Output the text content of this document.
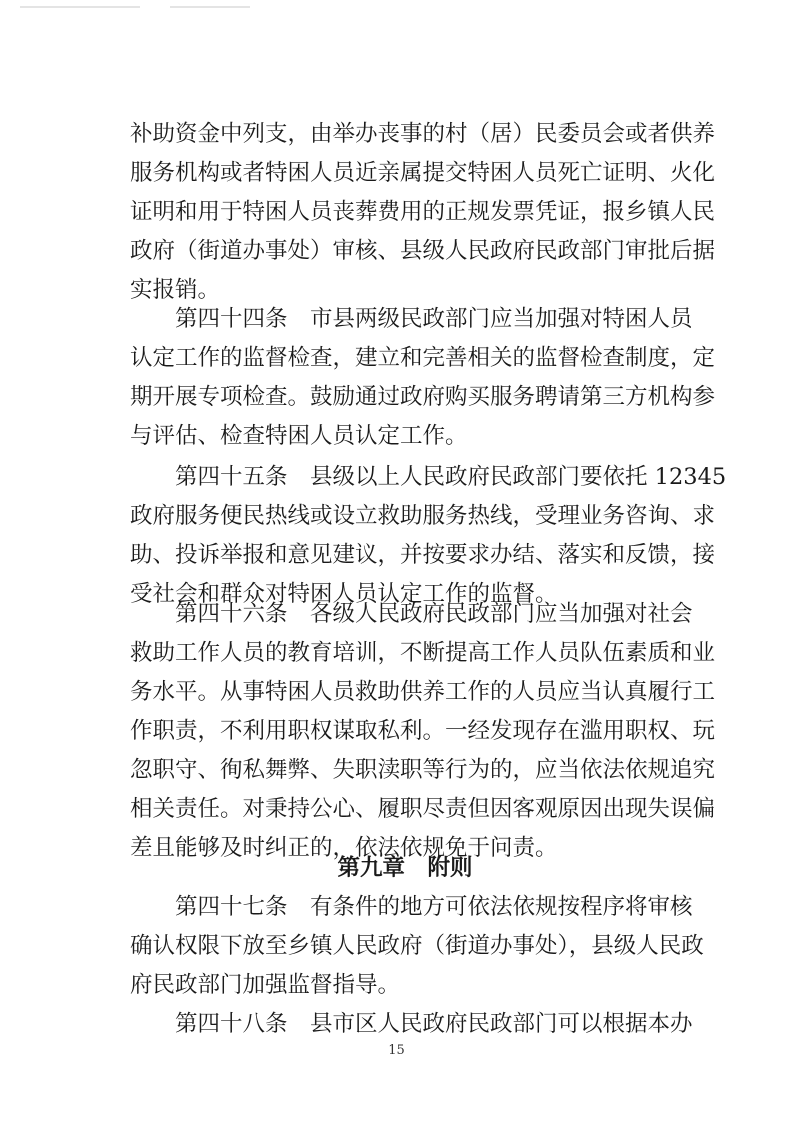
补助资金中列支，由举办丧事的村（居）民委员会或者供养
服务机构或者特困人员近亲属提交特困人员死亡证明、火化
证明和用于特困人员丧葬费用的正规发票凭证，报乡镇人民
政府（街道办事处）审核、县级人民政府民政部门审批后据
实报销。
第四十四条　市县两级民政部门应当加强对特困人员
认定工作的监督检查，建立和完善相关的监督检查制度，定
期开展专项检查。鼓励通过政府购买服务聘请第三方机构参
与评估、检查特困人员认定工作。
第四十五条　县级以上人民政府民政部门要依托 12345
政府服务便民热线或设立救助服务热线，受理业务咨询、求
助、投诉举报和意见建议，并按要求办结、落实和反馈，接
受社会和群众对特困人员认定工作的监督。
第四十六条　各级人民政府民政部门应当加强对社会
救助工作人员的教育培训，不断提高工作人员队伍素质和业
务水平。从事特困人员救助供养工作的人员应当认真履行工
作职责，不利用职权谋取私利。一经发现存在滥用职权、玩
忽职守、徇私舞弊、失职渎职等行为的，应当依法依规追究
相关责任。对秉持公心、履职尽责但因客观原因出现失误偏
差且能够及时纠正的，依法依规免于问责。
第九章　附则
第四十七条　有条件的地方可依法依规按程序将审核
确认权限下放至乡镇人民政府（街道办事处），县级人民政
府民政部门加强监督指导。
第四十八条　县市区人民政府民政部门可以根据本办
15
